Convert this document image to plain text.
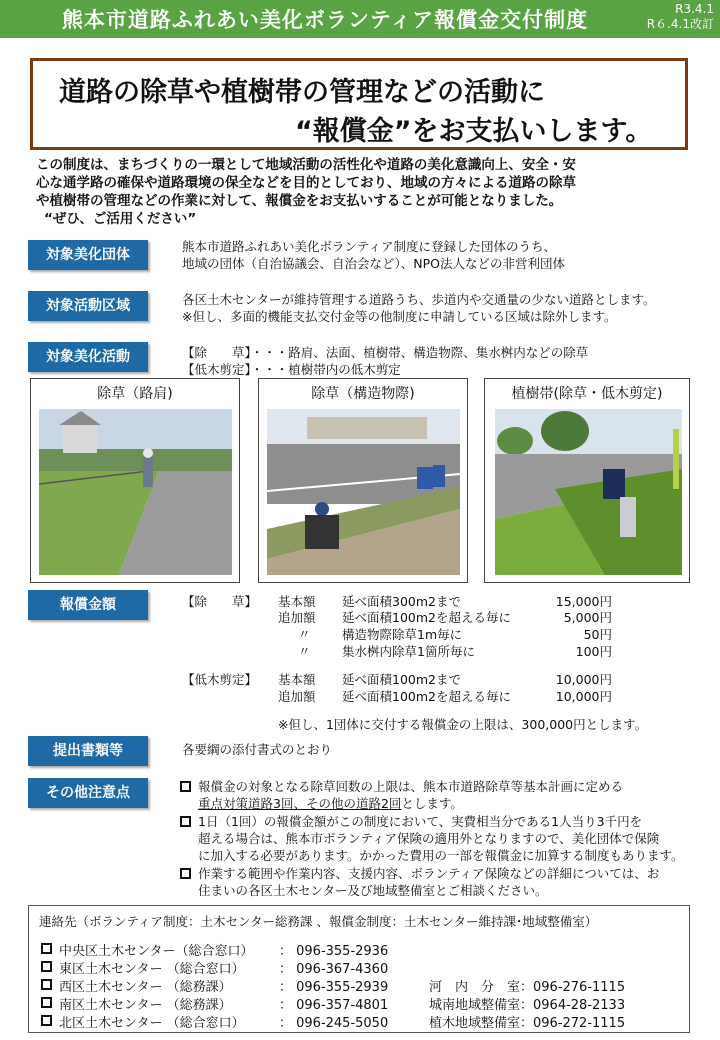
熊本市道路ふれあい美化ボランティア報償金交付制度	R3.4.1
R６.4.1改訂
道路の除草や植樹帯の管理などの活動に
“報償金”をお支払いします。
この制度は、まちづくりの一環として地域活動の活性化や道路の美化意識向上、安全・安
心な通学路の確保や道路環境の保全などを目的としており、地域の方々による道路の除草
や植樹帯の管理などの作業に対して、報償金をお支払いすることが可能となりました。
“ぜひ、ご活用ください”
対象美化団体
熊本市道路ふれあい美化ボランティア制度に登録した団体のうち、
地域の団体（自治協議会、自治会など）、NPO法人などの非営利団体
対象活動区域	各区土木センターが維持管理する道路うち、歩道内や交通量の少ない道路とします。
※但し、多面的機能支払交付金等の他制度に申請している区域は除外します。
対象美化活動	【除　　草】・・・路肩、法面、植樹帯、構造物際、集水桝内などの除草
【低木剪定】・・・植樹帯内の低木剪定
除草（路肩)	除草（構造物際)	植樹帯(除草・低木剪定)
報償金額	【除　　草】 基本額 延べ面積300m2まで	15,000円
追加額 延べ面積100m2を超える毎に	5,000円
〃	構造物際除草1m毎に	50円
〃	集水桝内除草1箇所毎に	100円
【低木剪定】 基本額 延べ面積100m2まで	10,000円
追加額 延べ面積100m2を超える毎に	10,000円
※但し、1団体に交付する報償金の上限は、300,000円とします。
提出書類等	各要綱の添付書式のとおり
その他注意点	報償金の対象となる除草回数の上限は、熊本市道路除草等基本計画に定める
重点対策道路3回、その他の道路2回とします。
1日（1回）の報償金額がこの制度において、実費相当分である1人当り3千円を
超える場合は、熊本市ボランティア保険の適用外となりますので、美化団体で保険
に加入する必要があります。かかった費用の一部を報償金に加算する制度もあります。
作業する範囲や作業内容、支援内容、ボランティア保険などの詳細については、お
住まいの各区土木センター及び地域整備室とご相談ください。
連絡先（ボランティア制度：土木センター総務課 、報償金制度：土木センター維持課･地域整備室）
中央区土木センター（総合窓口） ： 096-355-2936
東区土木センター （総合窓口）	： 096-367-4360
西区土木センター （総務課）	： 096-355-2939	河　内　分　室：096-276-1115
南区土木センター （総務課）	： 096-357-4801	城南地域整備室：0964-28-2133
北区土木センター （総合窓口）	： 096-245-5050	植木地域整備室：096-272-1115
